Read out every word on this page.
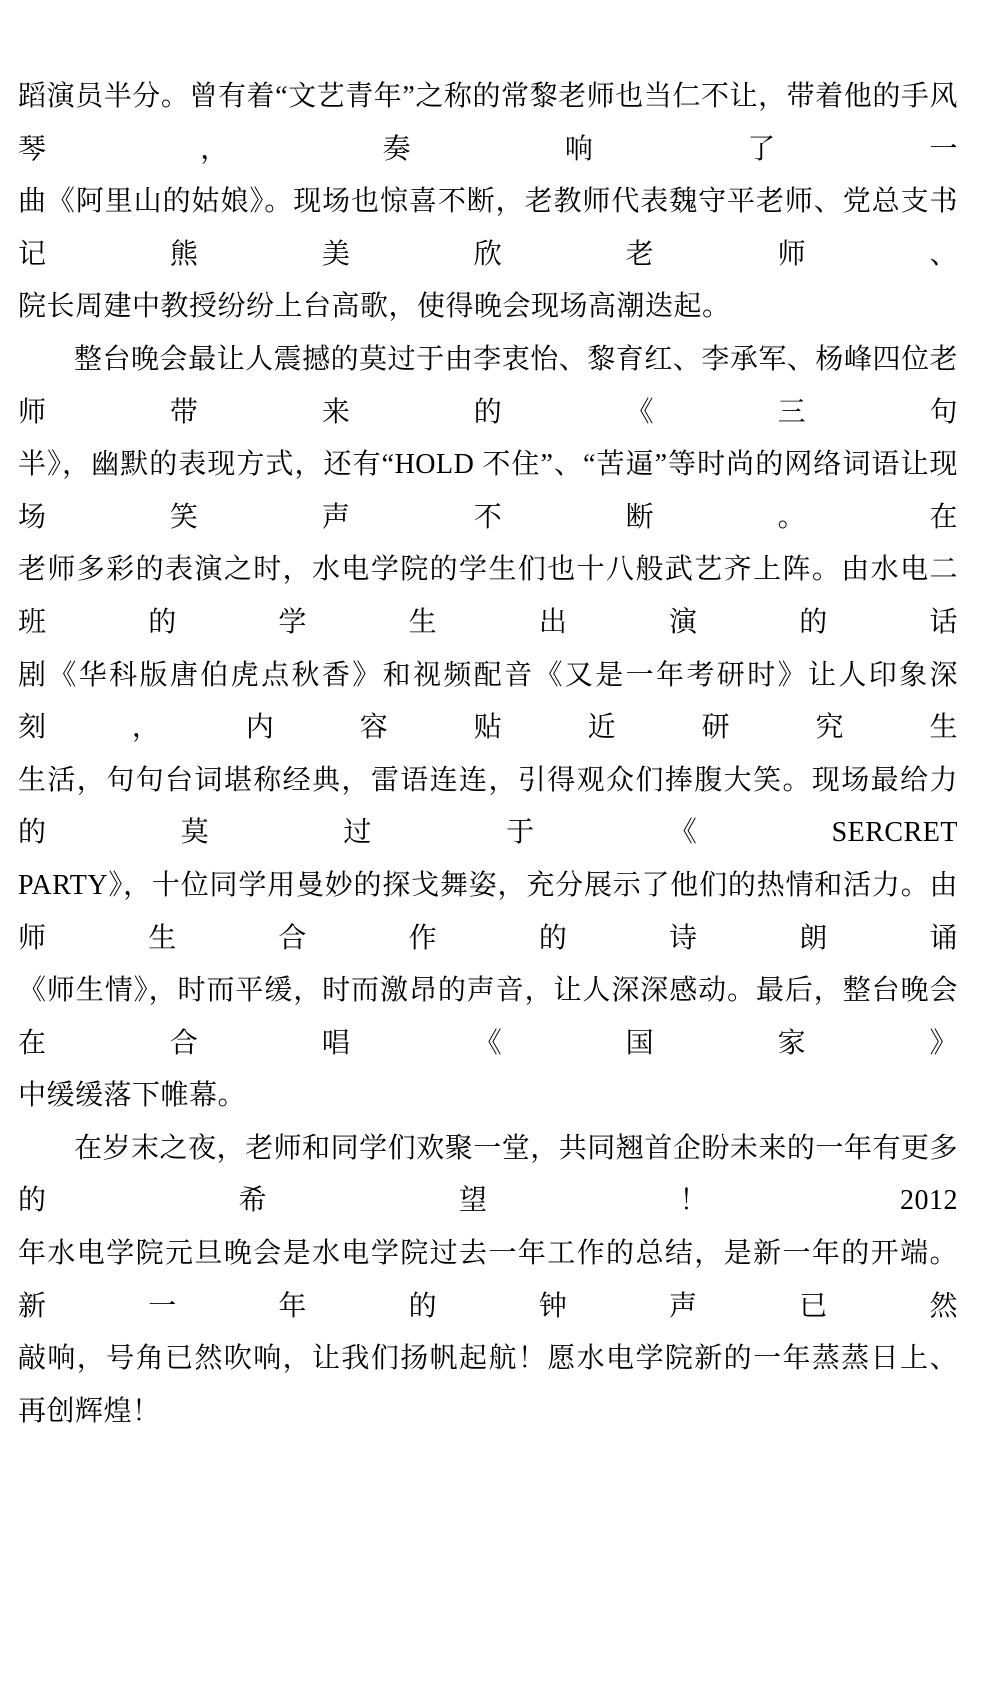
蹈演员半分。曾有着“文艺青年”之称的常黎老师也当仁不让，带着他的手风琴，奏响了一
曲《阿里山的姑娘》。现场也惊喜不断，老教师代表魏守平老师、党总支书记熊美欣老师、
院长周建中教授纷纷上台高歌，使得晚会现场高潮迭起。
整台晚会最让人震撼的莫过于由李衷怡、黎育红、李承军、杨峰四位老师带来的《三句
半》，幽默的表现方式，还有“HOLD 不住”、“苦逼”等时尚的网络词语让现场笑声不断。在
老师多彩的表演之时，水电学院的学生们也十八般武艺齐上阵。由水电二班的学生出演的话
剧《华科版唐伯虎点秋香》和视频配音《又是一年考研时》让人印象深刻，内容贴近研究生
生活，句句台词堪称经典，雷语连连，引得观众们捧腹大笑。现场最给力的莫过于《SERCRET
PARTY》，十位同学用曼妙的探戈舞姿，充分展示了他们的热情和活力。由师生合作的诗朗诵
《师生情》，时而平缓，时而激昂的声音，让人深深感动。最后，整台晚会在合唱《国家》
中缓缓落下帷幕。
在岁末之夜，老师和同学们欢聚一堂，共同翘首企盼未来的一年有更多的希望！2012
年水电学院元旦晚会是水电学院过去一年工作的总结，是新一年的开端。新一年的钟声已然
敲响，号角已然吹响，让我们扬帆起航！愿水电学院新的一年蒸蒸日上、再创辉煌！
